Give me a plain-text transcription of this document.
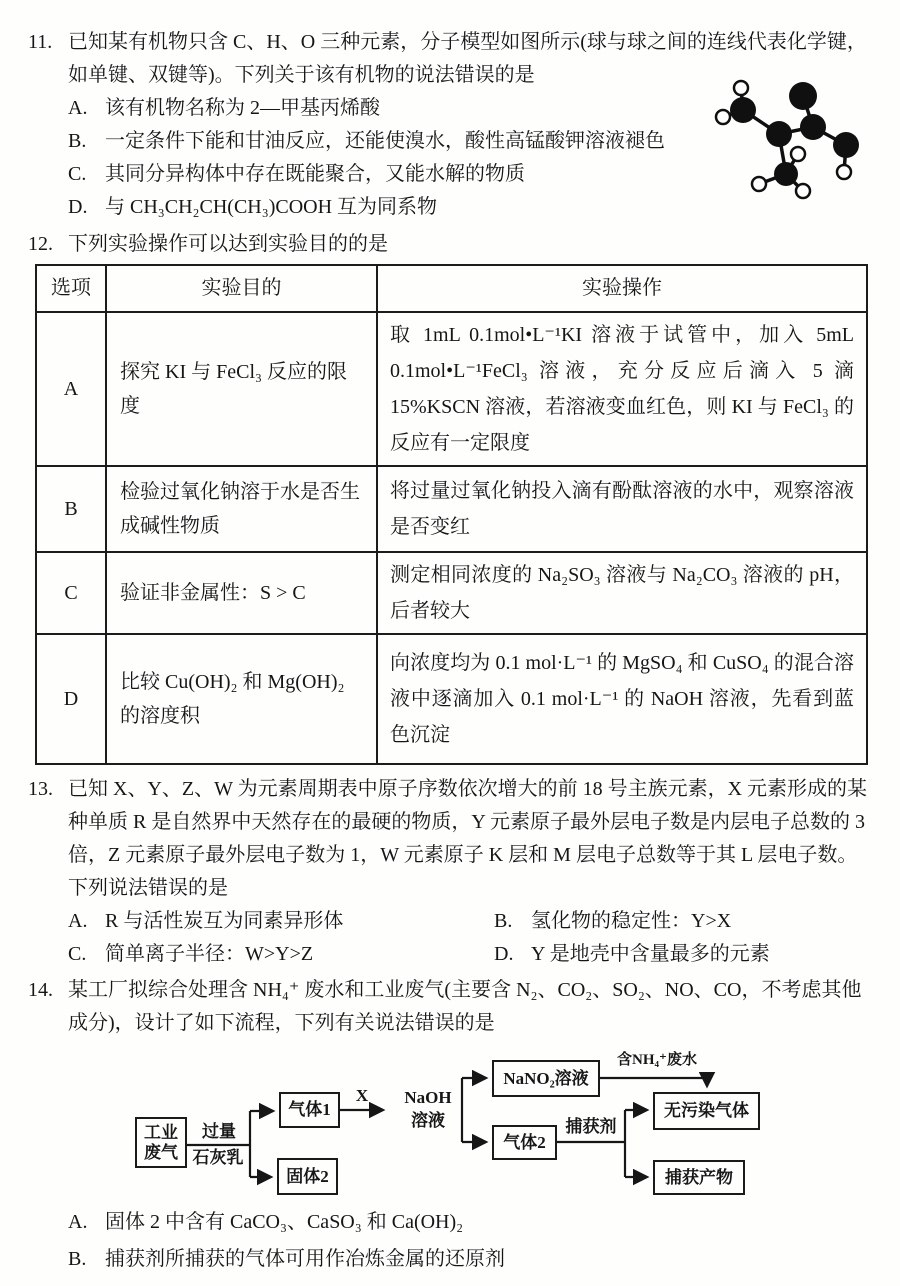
11. 已知某有机物只含 C、H、O 三种元素，分子模型如图所示(球与球之间的连线代表化学键，如单键、双键等)。下列关于该有机物的说法错误的是
A. 该有机物名称为 2—甲基丙烯酸
B. 一定条件下能和甘油反应，还能使溴水，酸性高锰酸钾溶液褪色
C. 其同分异构体中存在既能聚合，又能水解的物质
D. 与 CH₃CH₂CH(CH₃)COOH 互为同系物
12. 下列实验操作可以达到实验目的的是
选项	实验目的	实验操作
A	探究 KI 与 FeCl₃ 反应的限度	取 1mL 0.1mol•L⁻¹KI 溶液于试管中，加入 5mL 0.1mol•L⁻¹FeCl₃ 溶液，充分反应后滴入 5 滴 15%KSCN 溶液，若溶液变血红色，则 KI 与 FeCl₃ 的反应有一定限度
B	检验过氧化钠溶于水是否生成碱性物质	将过量过氧化钠投入滴有酚酞溶液的水中，观察溶液是否变红
C	验证非金属性：S > C	测定相同浓度的 Na₂SO₃ 溶液与 Na₂CO₃ 溶液的 pH，后者较大
D	比较 Cu(OH)₂ 和 Mg(OH)₂ 的溶度积	向浓度均为 0.1 mol·L⁻¹ 的 MgSO₄ 和 CuSO₄ 的混合溶液中逐滴加入 0.1 mol·L⁻¹ 的 NaOH 溶液，先看到蓝色沉淀
13. 已知 X、Y、Z、W 为元素周期表中原子序数依次增大的前 18 号主族元素，X 元素形成的某种单质 R 是自然界中天然存在的最硬的物质，Y 元素原子最外层电子数是内层电子总数的 3 倍，Z 元素原子最外层电子数为 1，W 元素原子 K 层和 M 层电子总数等于其 L 层电子数。下列说法错误的是
A. R 与活性炭互为同素异形体	B. 氢化物的稳定性：Y>X
C. 简单离子半径：W>Y>Z	D. Y 是地壳中含量最多的元素
14. 某工厂拟综合处理含 NH₄⁺ 废水和工业废气(主要含 N₂、CO₂、SO₂、NO、CO，不考虑其他成分)，设计了如下流程，下列有关说法错误的是
工业
废气
过量
石灰乳
气体1
固体2
X	NaOH
溶液
NaNO₂溶液
气体2
含NH₄⁺废水
捕获剂
无污染气体
捕获产物
A. 固体 2 中含有 CaCO₃、CaSO₃ 和 Ca(OH)₂
B. 捕获剂所捕获的气体可用作冶炼金属的还原剂
